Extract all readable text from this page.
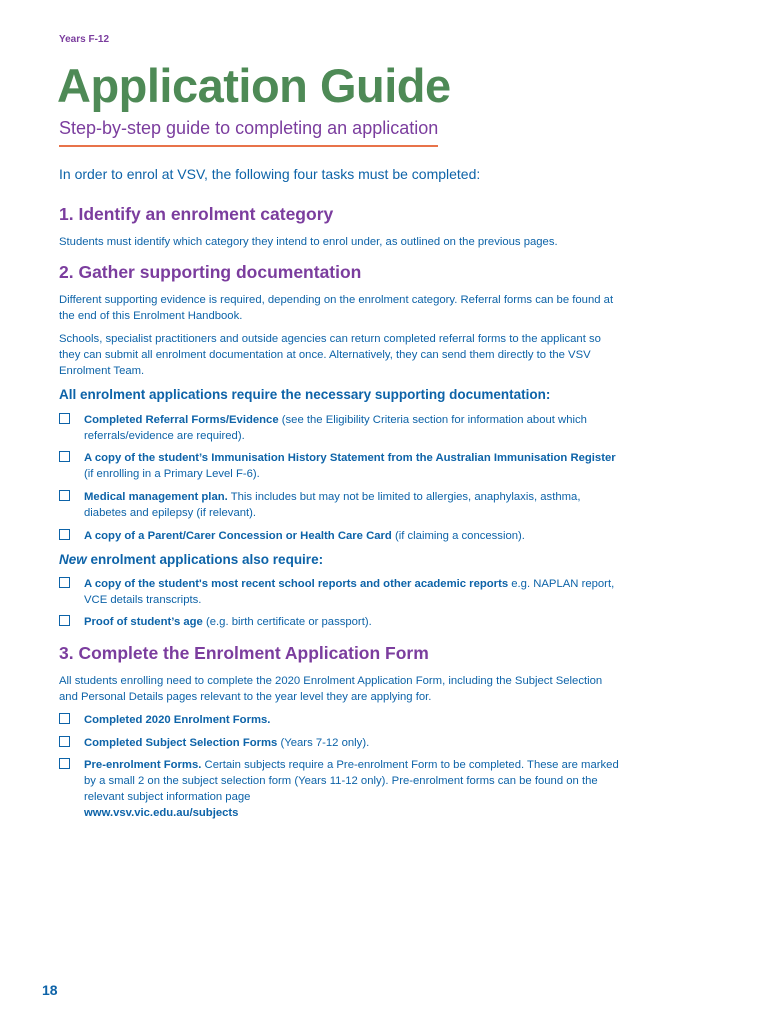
Years F-12
Application Guide
Step-by-step guide to completing an application
In order to enrol at VSV, the following four tasks must be completed:
1. Identify an enrolment category
Students must identify which category they intend to enrol under, as outlined on the previous pages.
2. Gather supporting documentation
Different supporting evidence is required, depending on the enrolment category. Referral forms can be found at the end of this Enrolment Handbook.
Schools, specialist practitioners and outside agencies can return completed referral forms to the applicant so they can submit all enrolment documentation at once. Alternatively, they can send them directly to the VSV Enrolment Team.
All enrolment applications require the necessary supporting documentation:
Completed Referral Forms/Evidence (see the Eligibility Criteria section for information about which referrals/evidence are required).
A copy of the student’s Immunisation History Statement from the Australian Immunisation Register (if enrolling in a Primary Level F-6).
Medical management plan. This includes but may not be limited to allergies, anaphylaxis, asthma, diabetes and epilepsy (if relevant).
A copy of a Parent/Carer Concession or Health Care Card (if claiming a concession).
New enrolment applications also require:
A copy of the student's most recent school reports and other academic reports e.g. NAPLAN report, VCE details transcripts.
Proof of student’s age (e.g. birth certificate or passport).
3. Complete the Enrolment Application Form
All students enrolling need to complete the 2020 Enrolment Application Form, including the Subject Selection and Personal Details pages relevant to the year level they are applying for.
Completed 2020 Enrolment Forms.
Completed Subject Selection Forms (Years 7-12 only).
Pre-enrolment Forms. Certain subjects require a Pre-enrolment Form to be completed. These are marked by a small 2 on the subject selection form (Years 11-12 only). Pre-enrolment forms can be found on the relevant subject information page
www.vsv.vic.edu.au/subjects
18
